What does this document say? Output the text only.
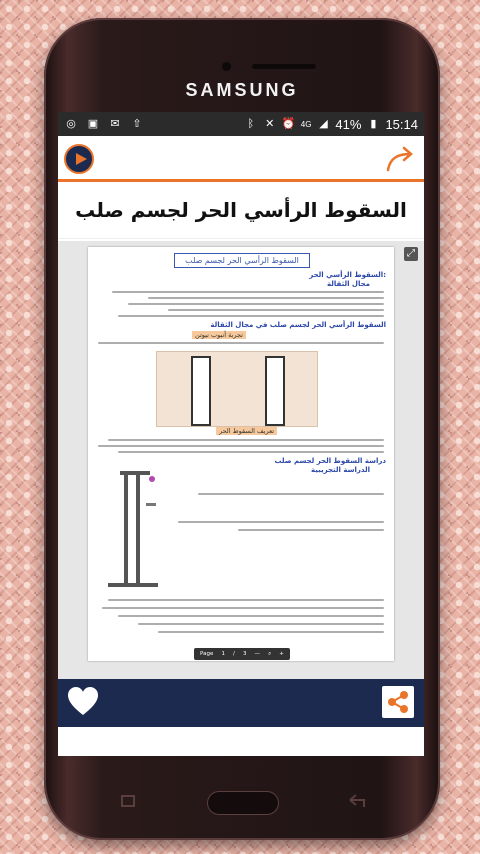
SAMSUNG
◎ ▣ ✉ ⇧	ᛒ	✕ ⏰ 4G ◢ 41% ▮ 15:14
السقوط الرأسي الحر لجسم صلب
السقوط الرأسي الحر لجسم صلب
السقوط الرأسي الحر:
مجال الثقالة
السقوط الرأسي الحر لجسم صلب في مجال الثقالة
تجربة أنبوب نيوتن
تعريف السقوط الحر
دراسة السقوط الحر لجسم صلب
الدراسة التجريبية
Page 1 / 3 — ⌕ +
⤢
